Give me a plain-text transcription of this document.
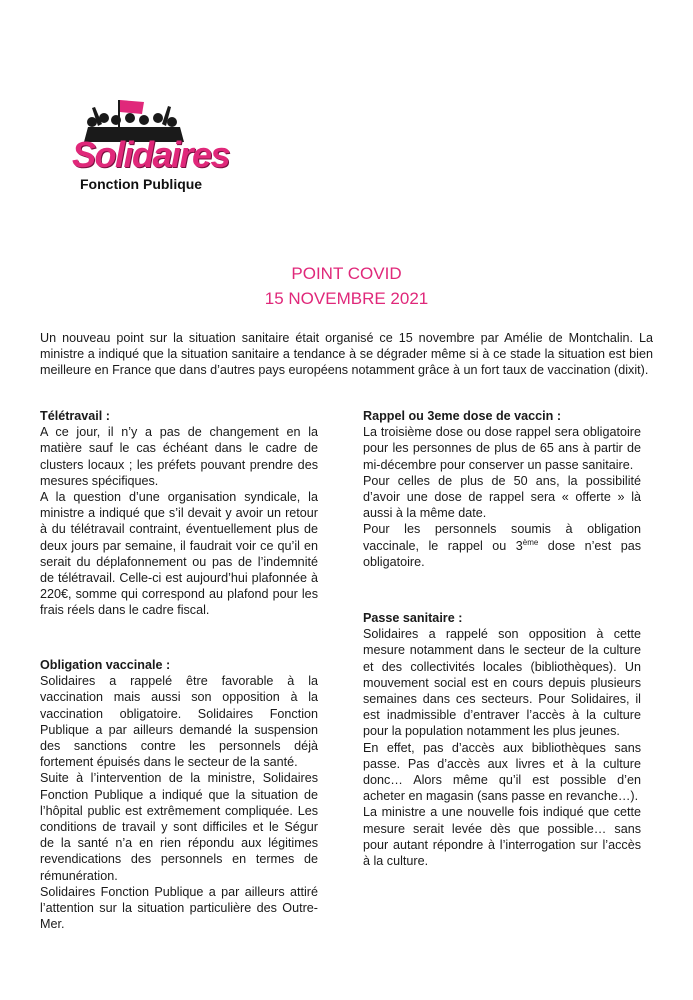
Solidaires
Fonction Publique
POINT COVID
15 NOVEMBRE 2021

Un nouveau point sur la situation sanitaire était organisé ce 15 novembre par Amélie de Montchalin. La ministre a indiqué que la situation sanitaire a tendance à se dégrader même si à ce stade la situation est bien meilleure en France que dans d’autres pays européens notamment grâce à un fort taux de vaccination (dixit).

Télétravail :

A ce jour, il n’y a pas de changement en la matière sauf le cas échéant dans le cadre de clusters locaux ; les préfets pouvant prendre des mesures spécifiques.

A la question d’une organisation syndicale, la ministre a indiqué que s’il devait y avoir un retour à du télétravail contraint, éventuellement plus de deux jours par semaine, il faudrait voir ce qu’il en serait du déplafonnement ou pas de l’indemnité de télétravail. Celle-ci est aujourd’hui plafonnée à 220€, somme qui correspond au plafond pour les frais réels dans le cadre fiscal.

Obligation vaccinale :

Solidaires a rappelé être favorable à la vaccination mais aussi son opposition à la vaccination obligatoire. Solidaires Fonction Publique a par ailleurs demandé la suspension des sanctions contre les personnels déjà fortement épuisés dans le secteur de la santé.

Suite à l’intervention de la ministre, Solidaires Fonction Publique a indiqué que la situation de l’hôpital public est extrêmement compliquée. Les conditions de travail y sont difficiles et le Ségur de la santé n’a en rien répondu aux légitimes revendications des personnels en termes de rémunération.

Solidaires Fonction Publique a par ailleurs attiré l’attention sur la situation particulière des Outre-Mer.

Rappel ou 3eme dose de vaccin :

La troisième dose ou dose rappel sera obligatoire pour les personnes de plus de 65 ans à partir de mi-décembre pour conserver un passe sanitaire.

Pour celles de plus de 50 ans, la possibilité d’avoir une dose de rappel sera « offerte » là aussi à la même date.

Pour les personnels soumis à obligation vaccinale, le rappel ou 3ème dose n’est pas obligatoire.

Passe sanitaire :

Solidaires a rappelé son opposition à cette mesure notamment dans le secteur de la culture et des collectivités locales (bibliothèques). Un mouvement social est en cours depuis plusieurs semaines dans ces secteurs. Pour Solidaires, il est inadmissible d’entraver l’accès à la culture pour la population notamment les plus jeunes.

En effet, pas d’accès aux bibliothèques sans passe. Pas d’accès aux livres et à la culture donc… Alors même qu’il est possible d’en acheter en magasin (sans passe en revanche…).

La ministre a une nouvelle fois indiqué que cette mesure serait levée dès que possible… sans pour autant répondre à l’interrogation sur l’accès à la culture.
